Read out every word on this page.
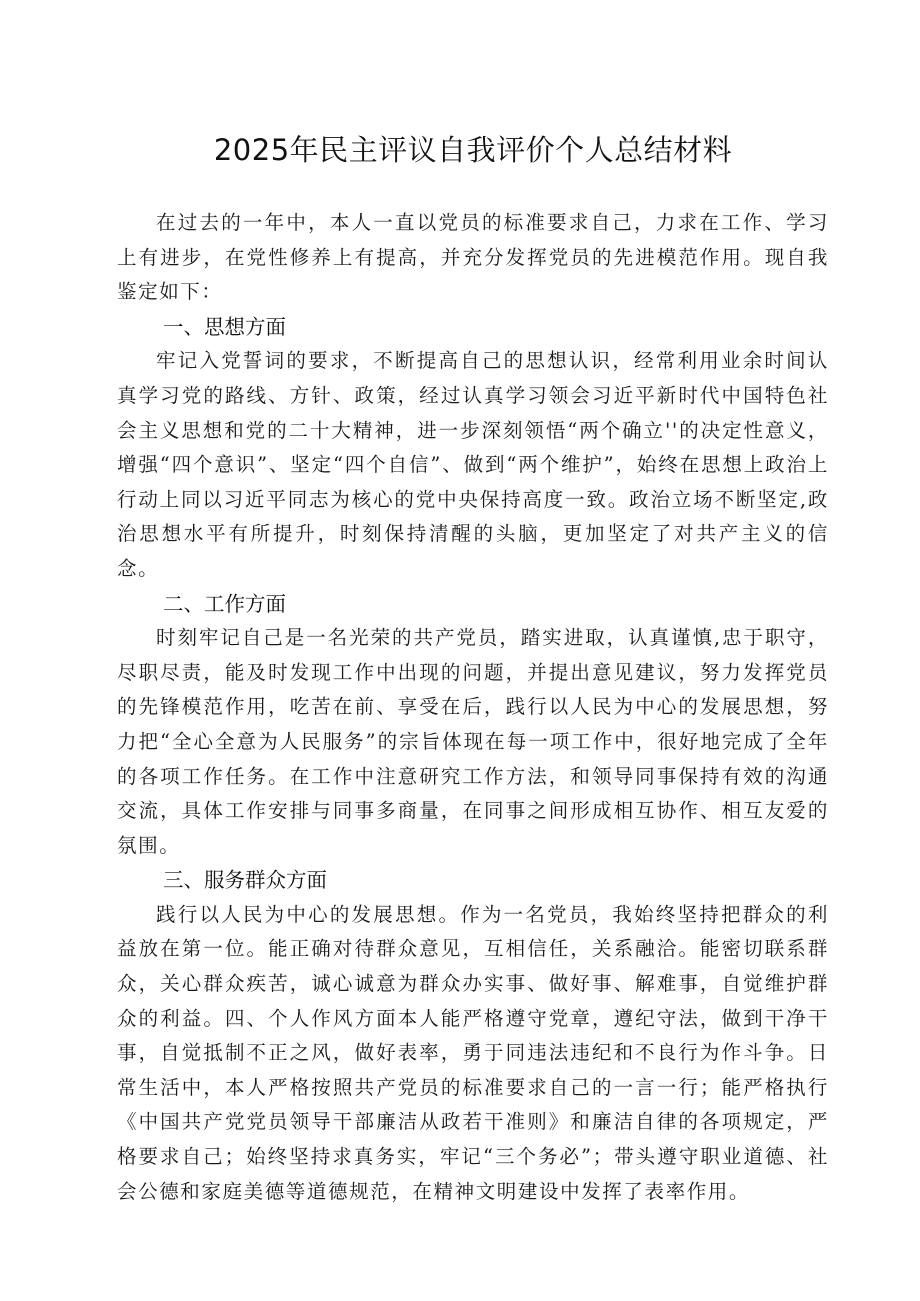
2025年民主评议自我评价个人总结材料

在过去的一年中，本人一直以党员的标准要求自己，力求在工作、学习上有进步，在党性修养上有提高，并充分发挥党员的先进模范作用。现自我鉴定如下：

一、思想方面

牢记入党誓词的要求，不断提高自己的思想认识，经常利用业余时间认真学习党的路线、方针、政策，经过认真学习领会习近平新时代中国特色社会主义思想和党的二十大精神，进一步深刻领悟“两个确立''的决定性意义，增强“四个意识”、坚定“四个自信”、做到“两个维护”，始终在思想上政治上行动上同以习近平同志为核心的党中央保持高度一致。政治立场不断坚定,政治思想水平有所提升，时刻保持清醒的头脑，更加坚定了对共产主义的信念。

二、工作方面

时刻牢记自己是一名光荣的共产党员，踏实进取，认真谨慎,忠于职守，尽职尽责，能及时发现工作中出现的问题，并提出意见建议，努力发挥党员的先锋模范作用，吃苦在前、享受在后，践行以人民为中心的发展思想，努力把“全心全意为人民服务”的宗旨体现在每一项工作中，很好地完成了全年的各项工作任务。在工作中注意研究工作方法，和领导同事保持有效的沟通交流，具体工作安排与同事多商量，在同事之间形成相互协作、相互友爱的氛围。

三、服务群众方面

践行以人民为中心的发展思想。作为一名党员，我始终坚持把群众的利益放在第一位。能正确对待群众意见，互相信任，关系融洽。能密切联系群众，关心群众疾苦，诚心诚意为群众办实事、做好事、解难事，自觉维护群众的利益。四、个人作风方面本人能严格遵守党章，遵纪守法，做到干净干事，自觉抵制不正之风，做好表率，勇于同违法违纪和不良行为作斗争。日常生活中，本人严格按照共产党员的标准要求自己的一言一行；能严格执行《中国共产党党员领导干部廉洁从政若干准则》和廉洁自律的各项规定，严格要求自己；始终坚持求真务实，牢记“三个务必”；带头遵守职业道德、社会公德和家庭美德等道德规范，在精神文明建设中发挥了表率作用。
